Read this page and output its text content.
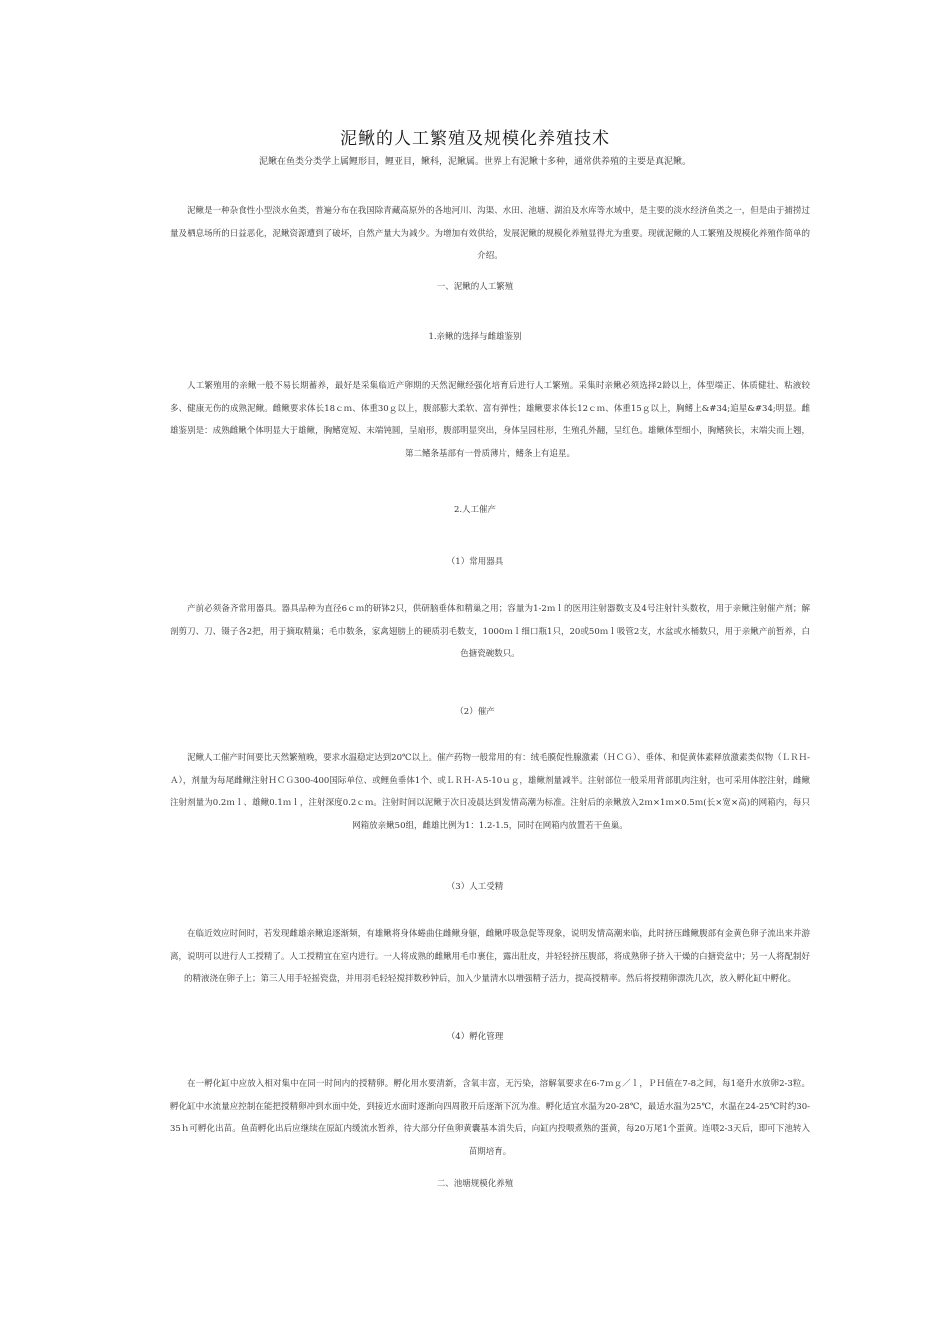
泥鳅的人工繁殖及规模化养殖技术
泥鳅在鱼类分类学上属鲤形目，鲤亚目，鳅科，泥鳅属。世界上有泥鳅十多种，通常供养殖的主要是真泥鳅。
泥鳅是一种杂食性小型淡水鱼类，普遍分布在我国除青藏高原外的各地河川、沟渠、水田、池塘、湖泊及水库等水域中，是主要的淡水经济鱼类之一，但是由于捕捞过量及栖息场所的日益恶化，泥鳅资源遭到了破坏，自然产量大为减少。为增加有效供给，发展泥鳅的规模化养殖显得尤为重要。现就泥鳅的人工繁殖及规模化养殖作简单的介绍。
一、泥鳅的人工繁殖
1.亲鳅的选择与雌雄鉴别
人工繁殖用的亲鳅一般不易长期蓄养，最好是采集临近产卵期的天然泥鳅经强化培育后进行人工繁殖。采集时亲鳅必须选择2龄以上，体型端正、体质健壮、粘液较多、健康无伤的成熟泥鳅。雌鳅要求体长18ｃｍ、体重30ｇ以上，腹部膨大柔软、富有弹性；雄鳅要求体长12ｃｍ、体重15ｇ以上，胸鳍上&#34;追星&#34;明显。雌雄鉴别是：成熟雌鳅个体明显大于雄鳅，胸鳍宽短、末端钝圆，呈扇形，腹部明显突出，身体呈园柱形，生殖孔外翻，呈红色。雄鳅体型细小，胸鳍狭长，末端尖而上翘，第二鳍条基部有一骨质薄片，鳍条上有追星。
2.人工催产
（1）常用器具
产前必须备齐常用器具。器具品种为直径6ｃｍ的研钵2只，供研脑垂体和精巢之用；容量为1-2ｍｌ的医用注射器数支及4号注射针头数枚，用于亲鳅注射催产剂；解剖剪刀、刀、镊子各2把，用于摘取精巢；毛巾数条，家禽翅膀上的硬质羽毛数支，1000ｍｌ细口瓶1只，20或50ｍｌ吸管2支，水盆或水桶数只，用于亲鳅产前暂养，白色搪瓷碗数只。
（2）催产
泥鳅人工催产时间要比天然繁殖晚，要求水温稳定达到20℃以上。催产药物一般常用的有：绒毛膜促性腺激素（ＨＣＧ）、垂体、和促黄体素释放激素类似物（ＬＲＨ-Ａ），剂量为每尾雌鳅注射ＨＣＧ300-400国际单位、或鲤鱼垂体1个、或ＬＲＨ-Ａ5-10ｕｇ，雄鳅剂量减半。注射部位一般采用背部肌肉注射，也可采用体腔注射，雌鳅注射剂量为0.2ｍｌ、雄鳅0.1ｍｌ，注射深度0.2ｃｍ。注射时间以泥鳅于次日凌晨达到发情高潮为标准。注射后的亲鳅放入2ｍ×1ｍ×0.5ｍ(长×宽×高)的网箱内，每只网箱放亲鳅50组，雌雄比例为1：1.2-1.5，同时在网箱内放置若干鱼巢。
（3）人工受精
在临近效应时间时，若发现雌雄亲鳅追逐渐频，有雄鳅将身体蜷曲住雌鳅身躯，雌鳅呼吸急促等现象，说明发情高潮来临，此时挤压雌鳅腹部有金黄色卵子流出来并游离，说明可以进行人工授精了。人工授精宜在室内进行。一人将成熟的雌鳅用毛巾裹住，露出肚皮，并轻轻挤压腹部，将成熟卵子挤入干燥的白搪瓷盆中；另一人将配制好的精液浇在卵子上；第三人用手轻摇瓷盘，并用羽毛轻轻搅拌数秒钟后，加入少量清水以增强精子活力，提高授精率。然后将授精卵漂洗几次，放入孵化缸中孵化。
（4）孵化管理
在一孵化缸中应放入相对集中在同一时间内的授精卵。孵化用水要清新，含氧丰富，无污染，溶解氧要求在6-7ｍｇ／ｌ，ＰＨ值在7-8之间，每1毫升水放卵2-3粒。孵化缸中水流量应控制在能把授精卵冲到水面中处，到接近水面时逐渐向四周散开后逐渐下沉为准。孵化适宜水温为20-28℃，最适水温为25℃，水温在24-25℃时约30-35ｈ可孵化出苗。鱼苗孵化出后应继续在原缸内缓流水暂养，待大部分仔鱼卵黄囊基本消失后，向缸内投喂煮熟的蛋黄，每20万尾1个蛋黄。连喂2-3天后，即可下池转入苗期培育。
二、池塘规模化养殖
